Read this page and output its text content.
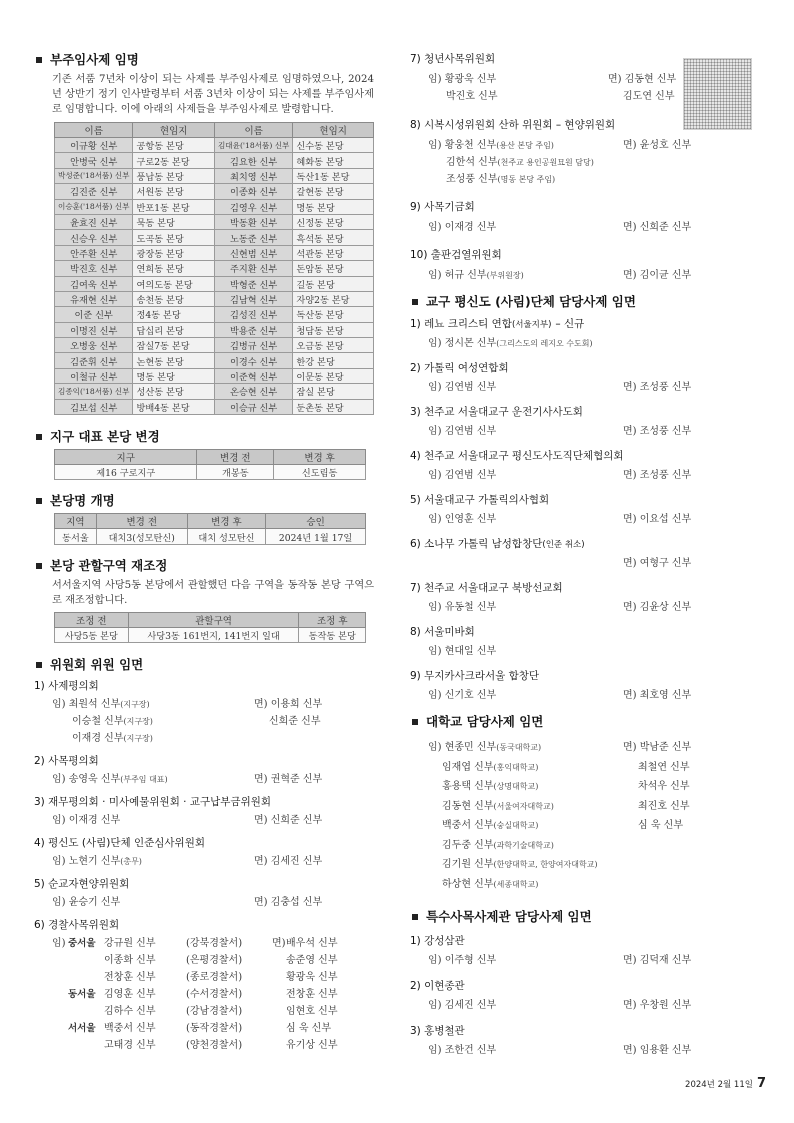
부주임사제 임명
기존 서품 7년차 이상이 되는 사제를 부주임사제로 임명하였으나, 2024년 상반기 정기 인사발령부터 서품 3년차 이상이 되는 사제를 부주임사제로 임명합니다. 이에 아래의 사제들을 부주임사제로 발령합니다.
이름	현임지	이름	현임지
이규황 신부	공항동 본당	김대윤('18서품) 신부	신수동 본당
안병국 신부	구로2동 본당	김요한 신부	혜화동 본당
박성준('18서품) 신부	풍납동 본당	최치영 신부	독산1동 본당
김진준 신부	서원동 본당	이종화 신부	갈현동 본당
이승훈('18서품) 신부	반포1동 본당	김영우 신부	명동 본당
윤효진 신부	묵동 본당	박동환 신부	신정동 본당
신승우 신부	도곡동 본당	노동준 신부	흑석동 본당
안주환 신부	광장동 본당	신현범 신부	석관동 본당
박진호 신부	연희동 본당	주지환 신부	돈암동 본당
김여욱 신부	여의도동 본당	박형준 신부	길동 본당
유재현 신부	송천동 본당	김남혁 신부	자양2동 본당
이준 신부	정4동 본당	김성진 신부	독산동 본당
이명진 신부	답십리 본당	박용준 신부	청담동 본당
오병웅 신부	잠실7동 본당	김병규 신부	오금동 본당
김준휘 신부	논현동 본당	이경수 신부	한강 본당
이철규 신부	명동 본당	이준혁 신부	이문동 본당
김종익('18서품) 신부	성산동 본당	온승현 신부	잠실 본당
김보섭 신부	방배4동 본당	이승규 신부	둔촌동 본당
지구 대표 본당 변경
지구	변경 전	변경 후
제16 구로지구	개봉동	신도림동
본당명 개명
지역	변경 전	변경 후	승인
동서울	대치3(성모탄신)	대치 성모탄신	2024년 1월 17일
본당 관할구역 재조정
서서울지역 사당5동 본당에서 관할했던 다음 구역을 동작동 본당 구역으로 재조정합니다.
조정 전	관할구역	조정 후
사당5동 본당	사당3동 161번지, 141번지 일대	동작동 본당
위원회 위원 임면
1) 사제평의회
임) 최원석 신부(지구장)	면) 이용희 신부
이승철 신부(지구장)	신희준 신부
이재경 신부(지구장)
2) 사목평의회
임) 송영욱 신부(부주임 대표)	면) 권혁준 신부
3) 재무평의회 · 미사예물위원회 · 교구납부금위원회
임) 이재경 신부	면) 신희준 신부
4) 평신도 (사림)단체 인준심사위원회
임) 노현기 신부(총무)	면) 김세진 신부
5) 순교자현양위원회
임) 윤승기 신부	면) 김충섭 신부
6) 경찰사목위원회
임)	면)
중서울 강규원 신부	(강북경찰서)	배우석 신부
이종화 신부	(은평경찰서)	송준영 신부
전창훈 신부	(종로경찰서)	황광욱 신부
동서울 김영훈 신부	(수서경찰서)	전창훈 신부
김하수 신부	(강남경찰서)	임현호 신부
서서울 백중서 신부	(동작경찰서)	심 욱 신부
고태경 신부	(양천경찰서)	유기상 신부
7) 청년사목위원회
임) 황광욱 신부	면) 김동현 신부
박진호 신부	김도연 신부
8) 시복시성위원회 산하 위원회 – 현양위원회
임) 황웅천 신부(용산 본당 주임)	면) 윤성호 신부
김한석 신부(천주교 용인공원묘원 담당)
조성풍 신부(명동 본당 주임)
9) 사목기금회
임) 이재경 신부	면) 신희준 신부
10) 출판검열위원회
임) 허규 신부(부위원장)	면) 김이균 신부
교구 평신도 (사림)단체 담당사제 임면
1) 레뇨 크리스티 연합(서울지부) – 신규
임) 정시몬 신부(그리스도의 레지오 수도회)
2) 가톨릭 여성연합회
임) 김연범 신부	면) 조성풍 신부
3) 천주교 서울대교구 운전기사사도회
임) 김연범 신부	면) 조성풍 신부
4) 천주교 서울대교구 평신도사도직단체협의회
임) 김연범 신부	면) 조성풍 신부
5) 서울대교구 가톨릭의사협회
임) 인영훈 신부	면) 이요섭 신부
6) 소나무 가톨릭 남성합창단(인준 취소)
면) 여형구 신부
7) 천주교 서울대교구 북방선교회
임) 유동철 신부	면) 김윤상 신부
8) 서울미바회
임) 현대일 신부
9) 무지카사크라서울 합창단
임) 신기호 신부	면) 최호영 신부
대학교 담당사제 임면
임) 현종민 신부(동국대학교)	면) 박남준 신부
임재엽 신부(홍익대학교)	최철연 신부
홍용택 신부(상명대학교)	차석우 신부
김동현 신부(서울여자대학교)	최진호 신부
백중서 신부(숭실대학교)	심 욱 신부
김두중 신부(과학기술대학교)
김기원 신부(한양대학교, 한양여자대학교)
하상현 신부(세종대학교)
특수사목사제관 담당사제 임면
1) 강성삼관
임) 이주형 신부	면) 김덕재 신부
2) 이현종관
임) 김세진 신부	면) 우창원 신부
3) 홍병철관
임) 조한건 신부	면) 임용환 신부
2024년 2월 11일 7
